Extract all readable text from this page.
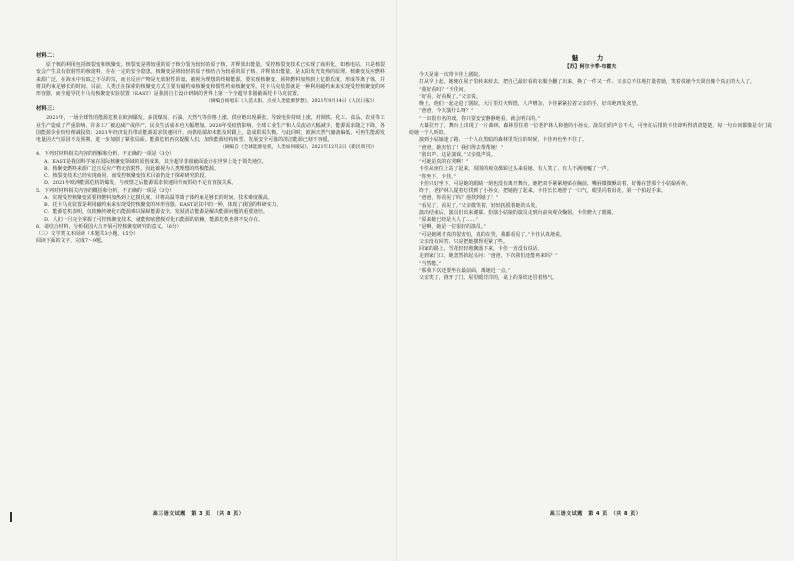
材料二：

原子核的利用包括核裂变和核聚变。核裂变是将较重的原子核分裂为较轻的原子核，并释放出能量。受控核裂变技术已实现了商用化，如核电站，只是核裂变会产生具有放射性的核废料，存在一定的安全隐患。核聚变是将较轻的原子核结合为较重的原子核，并释放出能量，是太阳发光发热的原理。核聚变反应燃料来源广泛，在海水中有取之不尽的氘，而且反应产物是无放射性的氦，被视为理想的终极能源。要实现核聚变，须将燃料加热到上亿摄氏度，形成等离子体，并将其约束足够长的时间。目前，人类正在探索的核聚变方式主要有磁约束核聚变和惯性约束核聚变等。托卡马克装置就是一种利用磁约束来实现受控核聚变的环形容器，而全超导托卡马克核聚变实验装置（EAST）是我国自主设计研制的世界上第一个全超导非圆截面托卡马克装置。

（摘编自杨旭东《人造太阳，点亮人类能源梦想》，2021年9月14日《人民日报》）

材料三：

2021年，一场全球性的能源危机在欧洲爆发。多国煤炭、石油、天然气等价格上涨，供应链出现紧张，导致电价持续上涨，对钢铁、化工、食品、农业等工业生产造成了严重影响，许多工厂被迫减产或停产，民众生活成本也大幅增加。2020年受疫情影响，全球工业生产和人员流动大幅减少，能源需求随之下降，各国能源企业纷纷削减投资；2021年经济复苏带动能源需求快速回升，而供给端却未能及时跟上，造成供需失衡。与此同时，欧洲天然气储备偏低，可再生能源发电量因天气原因不及预期，进一步加剧了紧张局面。能源危机再次提醒人们，加快能源结构转型、发展安全可靠的清洁能源已刻不容缓。

（摘编自《全球能源危机，人类如何破局》，2021年12月2日《新民周刊》）

4．下列对材料相关内容的理解和分析，不正确的一项是（3分）

A．EAST是我国科学家在国际核聚变领域的原创成果，其全超导非圆截面设计在世界上处于领先地位。

B．核聚变燃料来源广泛且反应产物无放射性，因此被视为人类理想的终极能源。

C．核裂变技术已经实现商用，而受控核聚变技术目前仍处于探索研究阶段。

D．2021年欧洲能源危机的爆发，与疫情之后能源需求快速回升而供给不足有直接关系。

5．下列对材料相关内容的概括和分析，不正确的一项是（3分）

A．实现受控核聚变需要将燃料加热到上亿摄氏度，并将高温等离子体约束足够长的时间，技术难度极高。

B．托卡马克装置是利用磁约束来实现受控核聚变的环形容器，EAST是其中的一种，体现了我国的科研实力。

C．能源危机表明，仅依赖传统化石能源难以保障能源安全，发展清洁能源是解决能源问题的重要途径。

D．人们一旦完全掌握了可控核聚变技术，就能彻底摆脱对化石能源的依赖，能源危机也将不复存在。

6．请结合材料，分析我国大力开展可控核聚变研究的意义。（6分）

（三）文学类文本阅读（本题共3小题，15分）

阅读下面的文字，完成7～9题。

高三语文试题　第 3 页　（共 8 页）

魅　力

【苏】阿尔卡季·布霍夫

今天是第一次带卡佳上剧院。

打从早上起，她便在屋子里转来转去，把自己最好看的衣服全翻了出来，换了一件又一件。父亲总不住地打量着她，笑着说她今天简直像个真正的大人了。

“我好看吗？”卡佳问。

“好看，好看极了。”父亲说。

晚上，他们一起走进了剧院。大厅里灯火辉煌，人声嘈杂，卡佳紧紧拉着父亲的手，好奇地四处张望。

“爸爸，今天演什么呀？”

“一出很有名的戏。你只要安安静静地看，就会明白的。”

大幕拉开了，舞台上出现了一片森林，森林里住着一位老护林人和他的小孙女。演员们的声音不大，可坐在后排的卡佳却听得清清楚楚，每一句台词都像是专门说给她一个人听的。

演到小姑娘迷了路，一个人在黑暗的森林里哭泣的时候，卡佳再也坐不住了。

“爸爸，她害怕了！我们得去帮帮她！”

“别出声，这是演戏。”父亲低声说。

“可她是真的在哭啊！”

卡佳从座位上站了起来，周围的观众都转过头来看她，有人笑了，有人不满地嘘了一声。

“你坐下，卡佳。”

卡佳只好坐下，可是她的眼睛一刻也没有离开舞台。她把双手紧紧地贴在胸前，嘴唇微微颤动着，好像在替那个小姑娘祈祷。

终于，老护林人提着灯找到了小孙女，把她抱了起来。卡佳长长地舒了一口气，眼里闪着泪花，第一个拍起手来。

“爸爸，你看见了吗？他找到她了！”

“看见了，看见了。”父亲微笑着，轻轻抚摸着她的头发。

演出结束后，演员们出来谢幕。扮演小姑娘的演员走到台前向观众鞠躬，卡佳瞪大了眼睛。

“原来她已经是大人了……”

“是啊，她是一位很好的演员。”

“可是她刚才真的很害怕，真的在哭，我都看见了。”卡佳认真地说。

父亲没有回答，只是把她搂得更紧了些。

回家的路上，雪花轻轻地飘落下来，卡佳一直没有说话。

走到家门口，她忽然抬起头问：“爸爸，下次我们还能再来吗？”

“当然能。”

“那我下次还要坐在最前面，离她近一点。”

父亲笑了，推开了门。屋里暖洋洋的，桌上的茶炊还冒着热气。

高三语文试题　第 4 页　（共 8 页）
